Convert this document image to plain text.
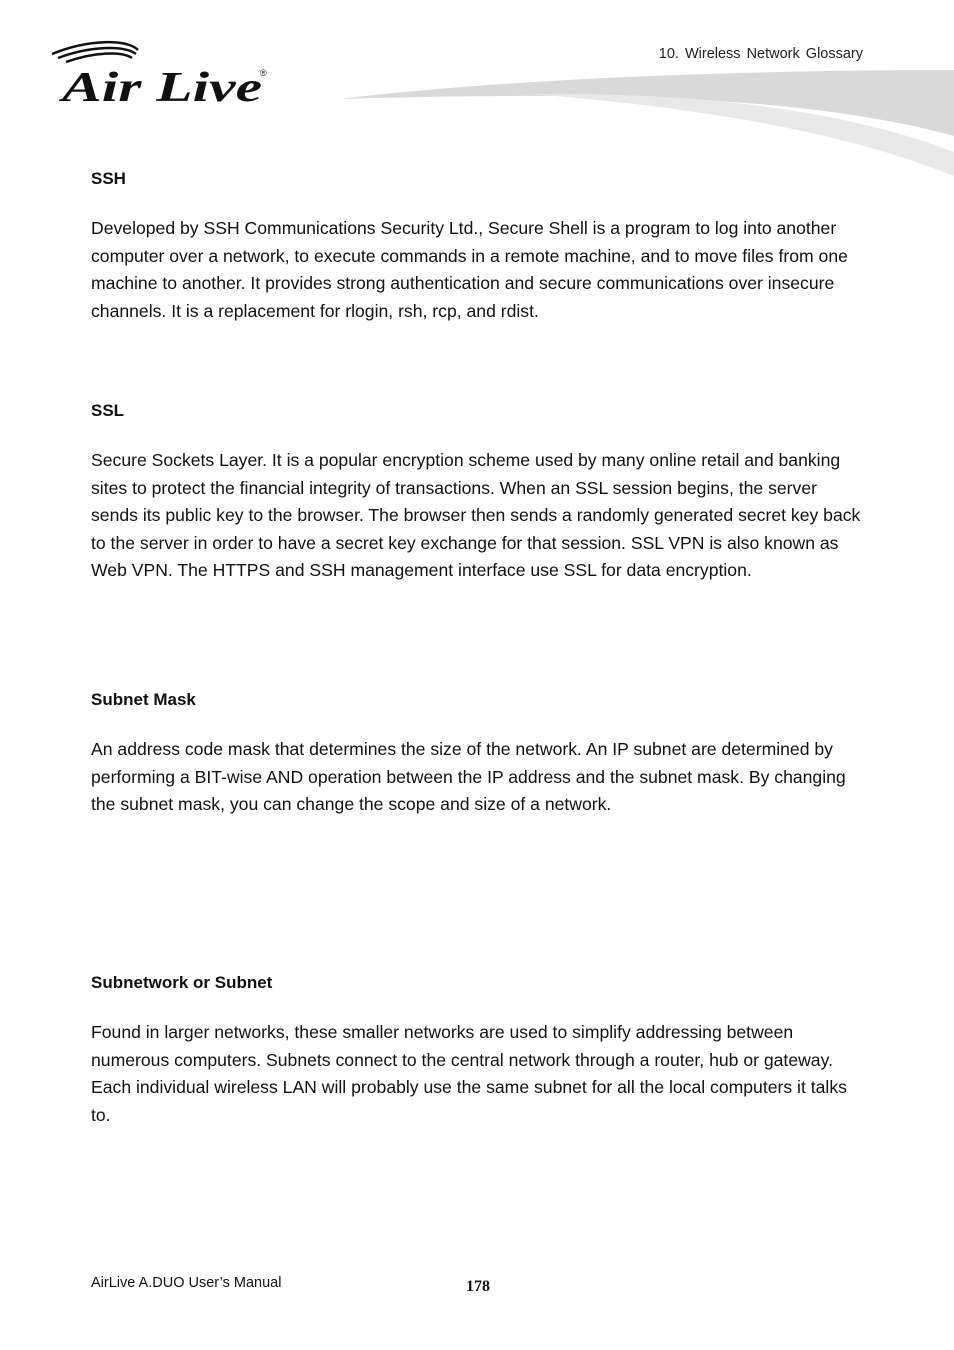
10. Wireless Network Glossary
Air Live
®
SSH

Developed by SSH Communications Security Ltd., Secure Shell is a program to log into another computer over a network, to execute commands in a remote machine, and to move files from one machine to another. It provides strong authentication and secure communications over insecure channels. It is a replacement for rlogin, rsh, rcp, and rdist.

SSL

Secure Sockets Layer. It is a popular encryption scheme used by many online retail and banking sites to protect the financial integrity of transactions. When an SSL session begins, the server sends its public key to the browser. The browser then sends a randomly generated secret key back to the server in order to have a secret key exchange for that session. SSL VPN is also known as Web VPN. The HTTPS and SSH management interface use SSL for data encryption.

Subnet Mask

An address code mask that determines the size of the network. An IP subnet are determined by performing a BIT-wise AND operation between the IP address and the subnet mask. By changing the subnet mask, you can change the scope and size of a network.

Subnetwork or Subnet

Found in larger networks, these smaller networks are used to simplify addressing between numerous computers. Subnets connect to the central network through a router, hub or gateway. Each individual wireless LAN will probably use the same subnet for all the local computers it talks to.

AirLive A.DUO User’s Manual	178
